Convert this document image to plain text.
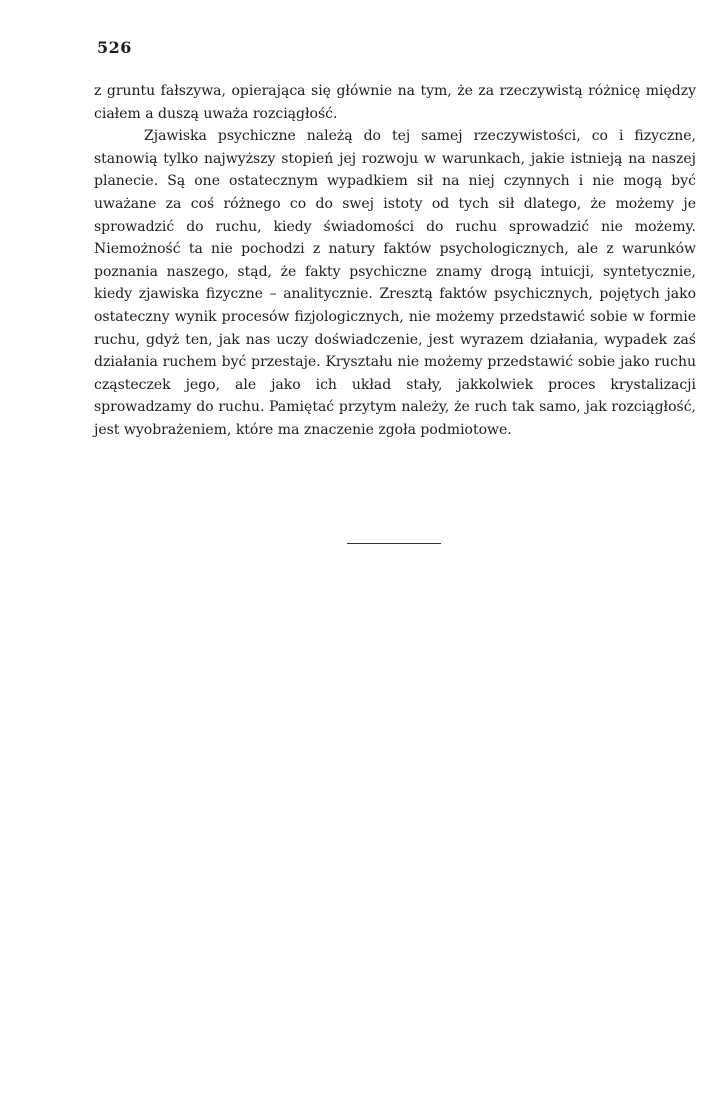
526

z gruntu fałszywa, opierająca się głównie na tym, że za rzeczywistą różnicę między ciałem a duszą uważa rozciągłość.

Zjawiska psychiczne należą do tej samej rzeczywistości, co i fizyczne, stanowią tylko najwyższy stopień jej rozwoju w warunkach, jakie istnieją na naszej planecie. Są one ostatecznym wypadkiem sił na niej czynnych i nie mogą być uważane za coś różnego co do swej istoty od tych sił dlatego, że możemy je sprowadzić do ruchu, kiedy świadomości do ruchu sprowadzić nie możemy. Niemożność ta nie pochodzi z natury faktów psychologicznych, ale z warunków poznania naszego, stąd, że fakty psychiczne znamy drogą intuicji, syntetycznie, kiedy zjawiska fizyczne – analitycznie. Zresztą faktów psychicznych, pojętych jako ostateczny wynik procesów fizjologicznych, nie możemy przedstawić sobie w formie ruchu, gdyż ten, jak nas uczy doświadczenie, jest wyrazem działania, wypadek zaś działania ruchem być przestaje. Kryształu nie możemy przedstawić sobie jako ruchu cząsteczek jego, ale jako ich układ stały, jakkolwiek proces krystalizacji sprowadzamy do ruchu. Pamiętać przytym należy, że ruch tak samo, jak rozciągłość, jest wyobrażeniem, które ma znaczenie zgoła podmiotowe.
